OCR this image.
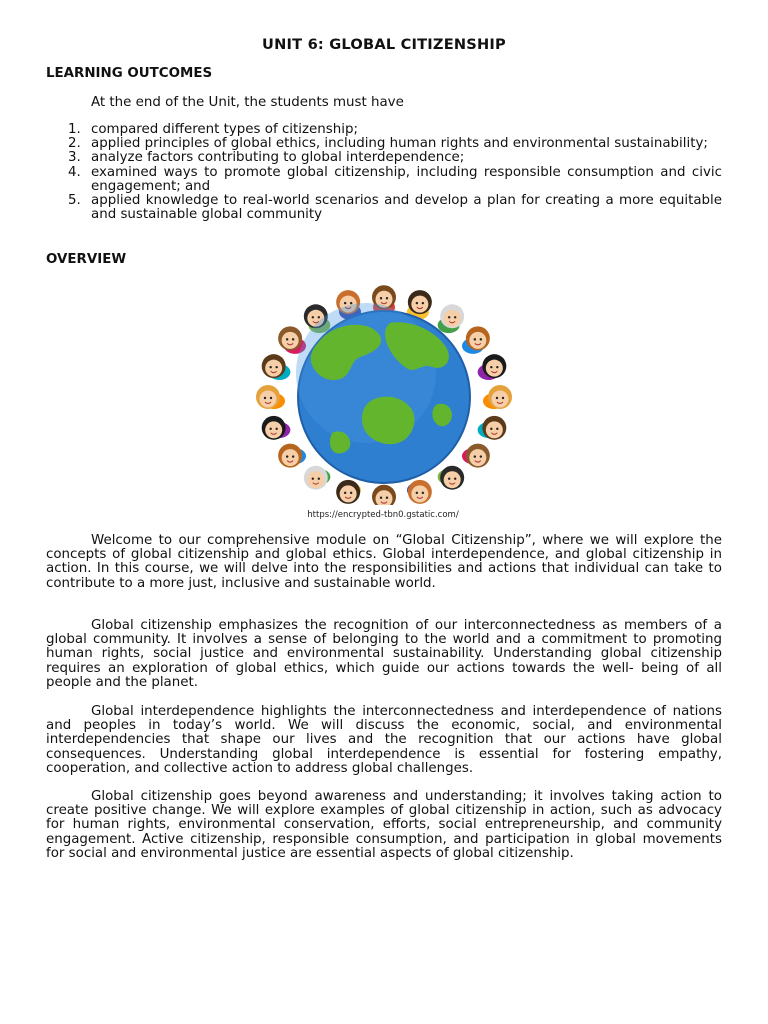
UNIT 6: GLOBAL CITIZENSHIP
LEARNING OUTCOMES
At the end of the Unit, the students must have
1. compared different types of citizenship;
2. applied principles of global ethics, including human rights and environmental sustainability;
3. analyze factors contributing to global interdependence;
4. examined ways to promote global citizenship, including responsible consumption and civic engagement; and
5. applied knowledge to real-world scenarios and develop a plan for creating a more equitable and sustainable global community
OVERVIEW
https://encrypted-tbn0.gstatic.com/

Welcome to our comprehensive module on “Global Citizenship”, where we will explore the concepts of global citizenship and global ethics. Global interdependence, and global citizenship in action. In this course, we will delve into the responsibilities and actions that individual can take to contribute to a more just, inclusive and sustainable world.

Global citizenship emphasizes the recognition of our interconnectedness as members of a global community. It involves a sense of belonging to the world and a commitment to promoting human rights, social justice and environmental sustainability. Understanding global citizenship requires an exploration of global ethics, which guide our actions towards the well- being of all people and the planet.

Global interdependence highlights the interconnectedness and interdependence of nations and peoples in today’s world. We will discuss the economic, social, and environmental interdependencies that shape our lives and the recognition that our actions have global consequences. Understanding global interdependence is essential for fostering empathy, cooperation, and collective action to address global challenges.

Global citizenship goes beyond awareness and understanding; it involves taking action to create positive change. We will explore examples of global citizenship in action, such as advocacy for human rights, environmental conservation, efforts, social entrepreneurship, and community engagement. Active citizenship, responsible consumption, and participation in global movements for social and environmental justice are essential aspects of global citizenship.
